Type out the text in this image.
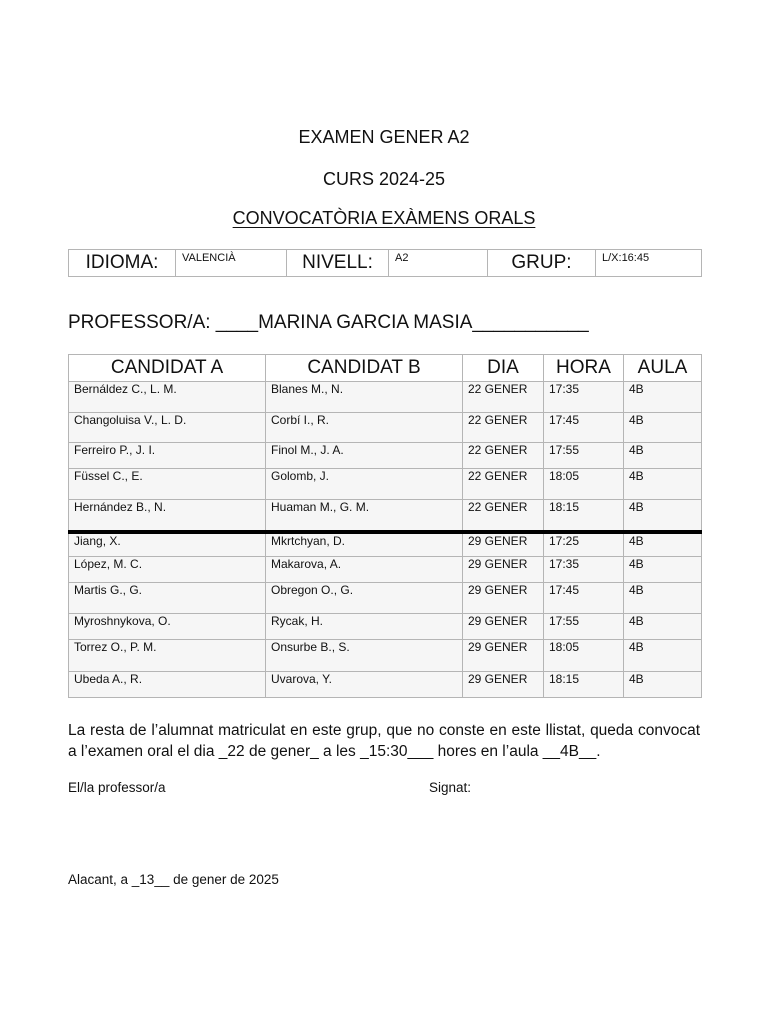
EXAMEN GENER A2
CURS 2024-25
CONVOCATÒRIA EXÀMENS ORALS
IDIOMA:	VALENCIÀ	NIVELL:	A2	GRUP:	L/X:16:45
PROFESSOR/A: ____MARINA GARCIA MASIA___________
CANDIDAT A	CANDIDAT B	DIA	HORA	AULA
Bernáldez C., L. M.	Blanes M., N.	22 GENER	17:35	4B
Changoluisa V., L. D.	Corbí I., R.	22 GENER	17:45	4B
Ferreiro P., J. I.	Finol M., J. A.	22 GENER	17:55	4B
Füssel C., E.	Golomb, J.	22 GENER	18:05	4B
Hernández B., N.	Huaman M., G. M.	22 GENER	18:15	4B
Jiang, X.	Mkrtchyan, D.	29 GENER	17:25	4B
López, M. C.	Makarova, A.	29 GENER	17:35	4B
Martis G., G.	Obregon O., G.	29 GENER	17:45	4B
Myroshnykova, O.	Rycak, H.	29 GENER	17:55	4B
Torrez O., P. M.	Onsurbe B., S.	29 GENER	18:05	4B
Ubeda A., R.	Uvarova, Y.	29 GENER	18:15	4B
La resta de l’alumnat matriculat en este grup, que no conste en este llistat, queda convocat a l’examen oral el dia _22 de gener_ a les _15:30___ hores en l’aula __4B__.
El/la professor/a	Signat:
Alacant, a _13__ de gener de 2025
